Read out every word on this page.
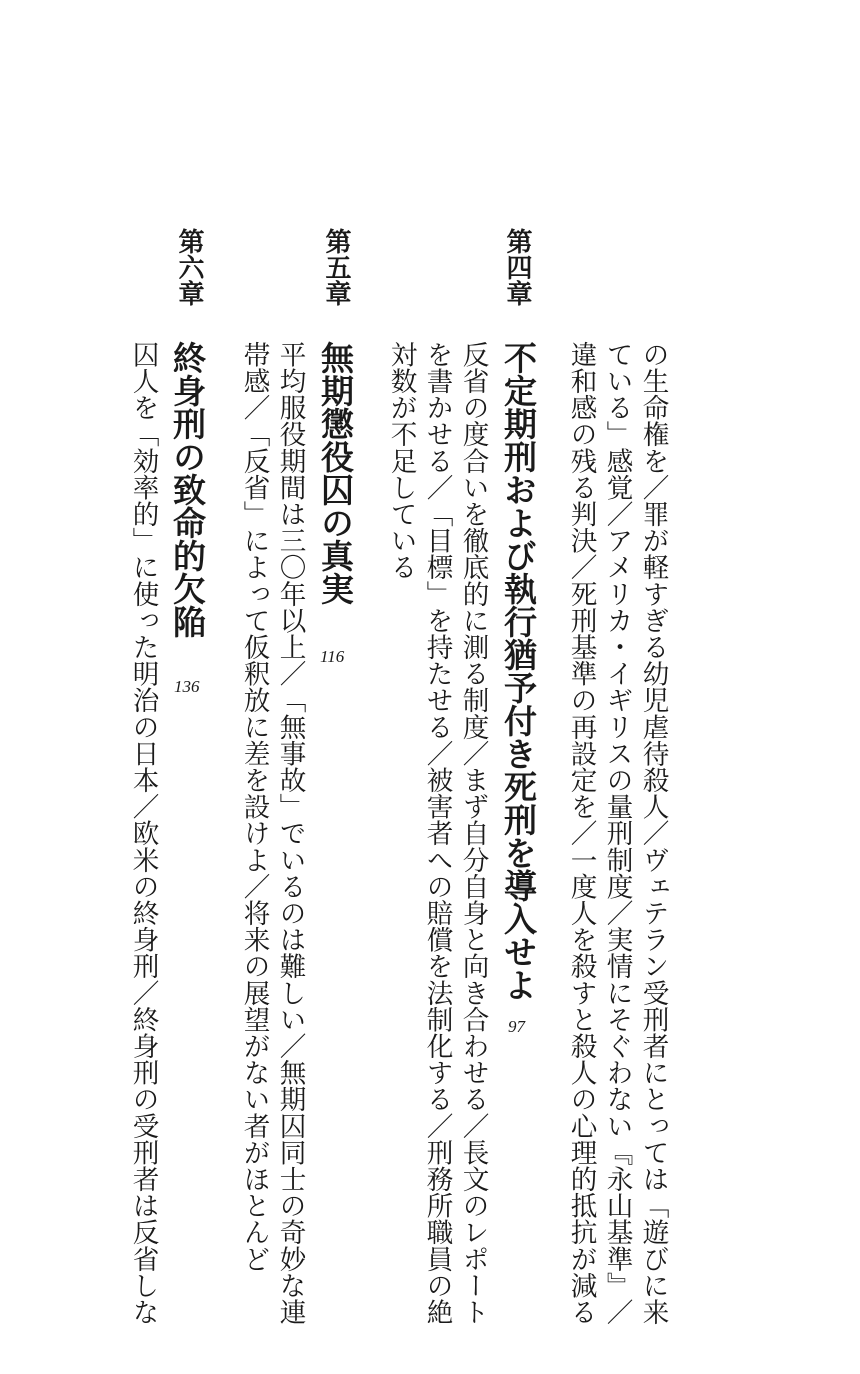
の生命権を／罪が軽すぎる幼児虐待殺人／ヴェテラン受刑者にとっては「遊びに来
ている」感覚／アメリカ・イギリスの量刑制度／実情にそぐわない『永山基準』／
違和感の残る判決／死刑基準の再設定を／一度人を殺すと殺人の心理的抵抗が減る
第四章
不定期刑および執行猶予付き死刑を導入せよ
97
反省の度合いを徹底的に測る制度／まず自分自身と向き合わせる／長文のレポート
を書かせる／「目標」を持たせる／被害者への賠償を法制化する／刑務所職員の絶
対数が不足している
第五章
無期懲役囚の真実
116
平均服役期間は三〇年以上／「無事故」でいるのは難しい／無期囚同士の奇妙な連
帯感／「反省」によって仮釈放に差を設けよ／将来の展望がない者がほとんど
第六章
終身刑の致命的欠陥
136
囚人を「効率的」に使った明治の日本／欧米の終身刑／終身刑の受刑者は反省しな
